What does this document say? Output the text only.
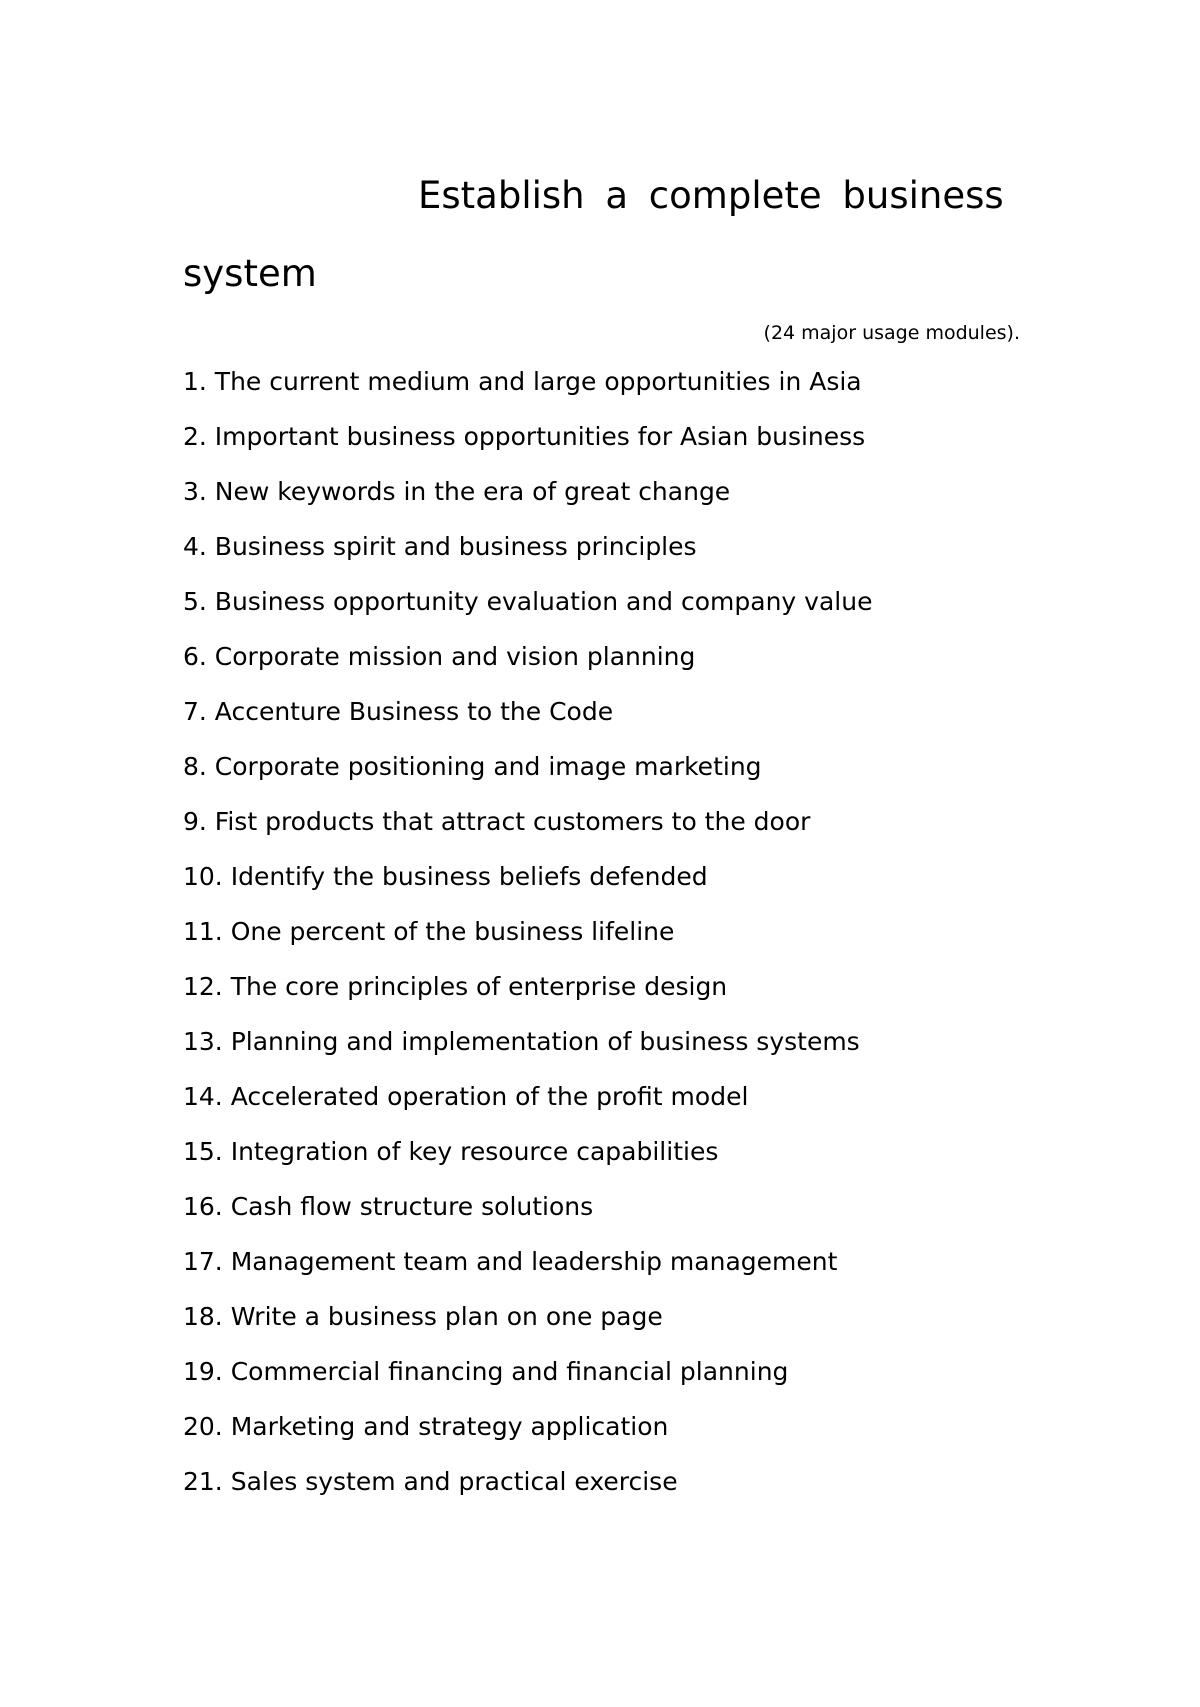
Establish a complete business
system
(24 major usage modules).
1. The current medium and large opportunities in Asia
2. Important business opportunities for Asian business
3. New keywords in the era of great change
4. Business spirit and business principles
5. Business opportunity evaluation and company value
6. Corporate mission and vision planning
7. Accenture Business to the Code
8. Corporate positioning and image marketing
9. Fist products that attract customers to the door
10. Identify the business beliefs defended
11. One percent of the business lifeline
12. The core principles of enterprise design
13. Planning and implementation of business systems
14. Accelerated operation of the profit model
15. Integration of key resource capabilities
16. Cash flow structure solutions
17. Management team and leadership management
18. Write a business plan on one page
19. Commercial financing and financial planning
20. Marketing and strategy application
21. Sales system and practical exercise
